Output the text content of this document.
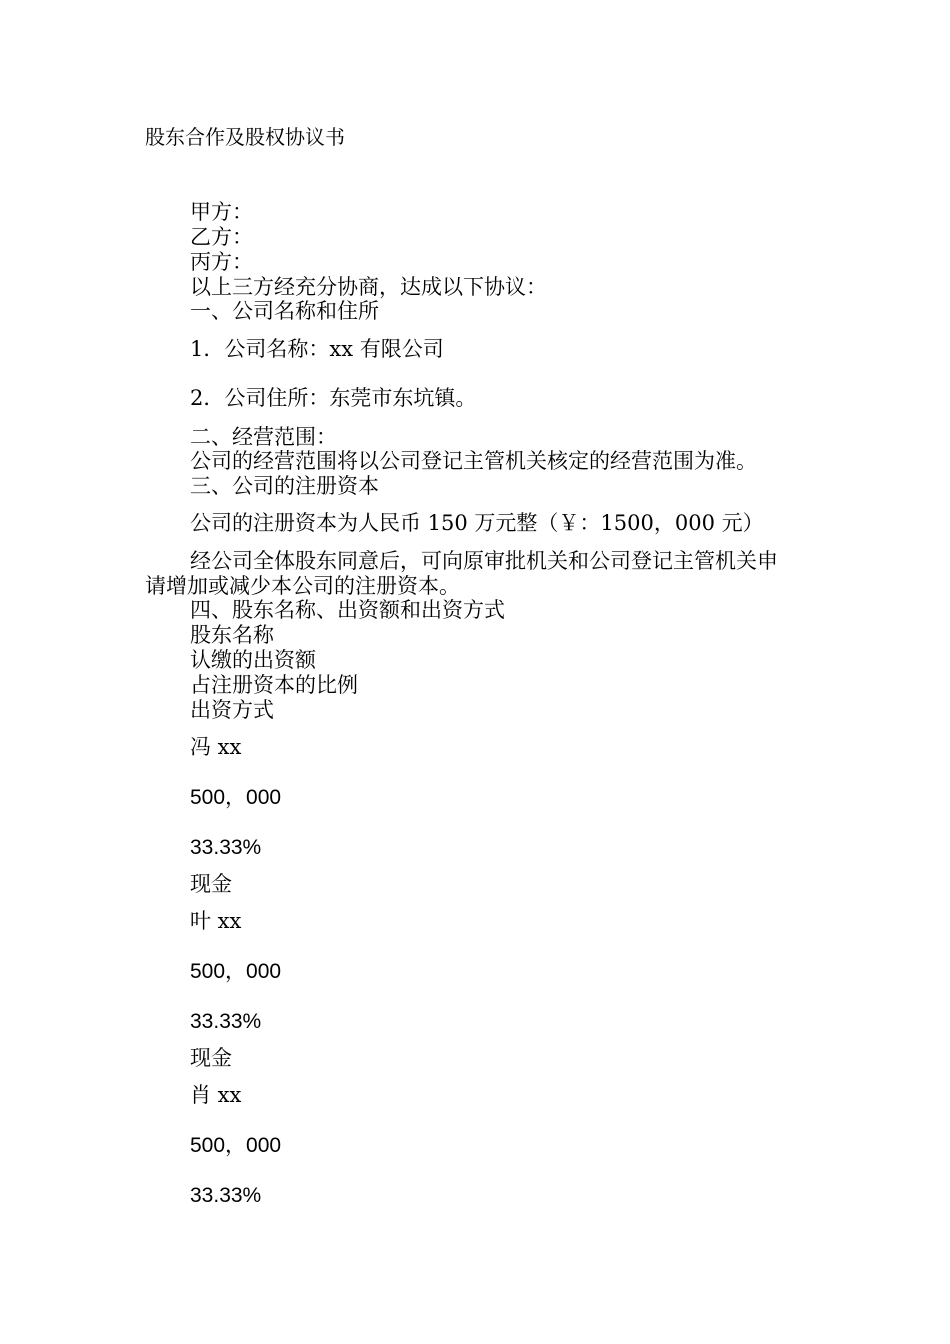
股东合作及股权协议书
甲方：
乙方：
丙方：
以上三方经充分协商，达成以下协议：
一、公司名称和住所
1．公司名称：xx 有限公司
2．公司住所：东莞市东坑镇。
二、经营范围：
公司的经营范围将以公司登记主管机关核定的经营范围为准。
三、公司的注册资本
公司的注册资本为人民币 150 万元整（￥：1500，000 元）
经公司全体股东同意后，可向原审批机关和公司登记主管机关申
请增加或减少本公司的注册资本。
四、股东名称、出资额和出资方式
股东名称
认缴的出资额
占注册资本的比例
出资方式
冯 xx
500，000
33.33%
现金
叶 xx
500，000
33.33%
现金
肖 xx
500，000
33.33%
